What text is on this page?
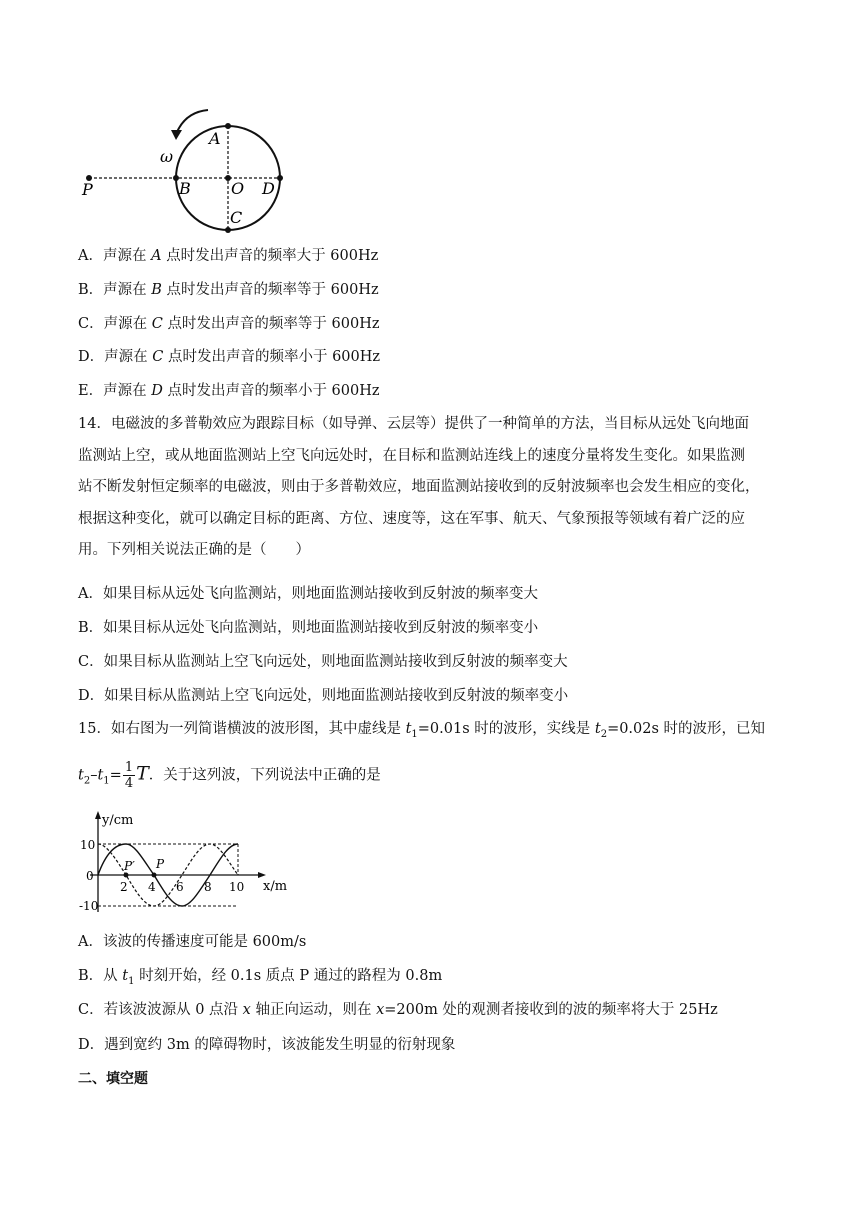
A
ω
P	B	O D
C
A．声源在 A 点时发出声音的频率大于 600Hz
B．声源在 B 点时发出声音的频率等于 600Hz
C．声源在 C 点时发出声音的频率等于 600Hz
D．声源在 C 点时发出声音的频率小于 600Hz
E．声源在 D 点时发出声音的频率小于 600Hz
14．电磁波的多普勒效应为跟踪目标（如导弹、云层等）提供了一种简单的方法，当目标从远处飞向地面
监测站上空，或从地面监测站上空飞向远处时，在目标和监测站连线上的速度分量将发生变化。如果监测
站不断发射恒定频率的电磁波，则由于多普勒效应，地面监测站接收到的反射波频率也会发生相应的变化，
根据这种变化，就可以确定目标的距离、方位、速度等，这在军事、航天、气象预报等领域有着广泛的应
用。下列相关说法正确的是（　　）
A．如果目标从远处飞向监测站，则地面监测站接收到反射波的频率变大
B．如果目标从远处飞向监测站，则地面监测站接收到反射波的频率变小
C．如果目标从监测站上空飞向远处，则地面监测站接收到反射波的频率变大
D．如果目标从监测站上空飞向远处，则地面监测站接收到反射波的频率变小
15．如右图为一列简谐横波的波形图，其中虚线是 $t_1=0.01s$ 时的波形，实线是 $t_2=0.02s$ 时的波形，已知
$t_2-t_1= \frac{1}{4}$ T．关于这列波，下列说法中正确的是
y/cm
x/m
10
0
-10
2 4 6 8 10
P′ P
A．该波的传播速度可能是 600m/s
B．从 $t_1$ 时刻开始，经 0.1s 质点 P 通过的路程为 0.8m
C．若该波波源从 0 点沿 x 轴正向运动，则在 x=200m 处的观测者接收到的波的频率将大于 25Hz
D．遇到宽约 3m 的障碍物时，该波能发生明显的衍射现象
二、填空题
